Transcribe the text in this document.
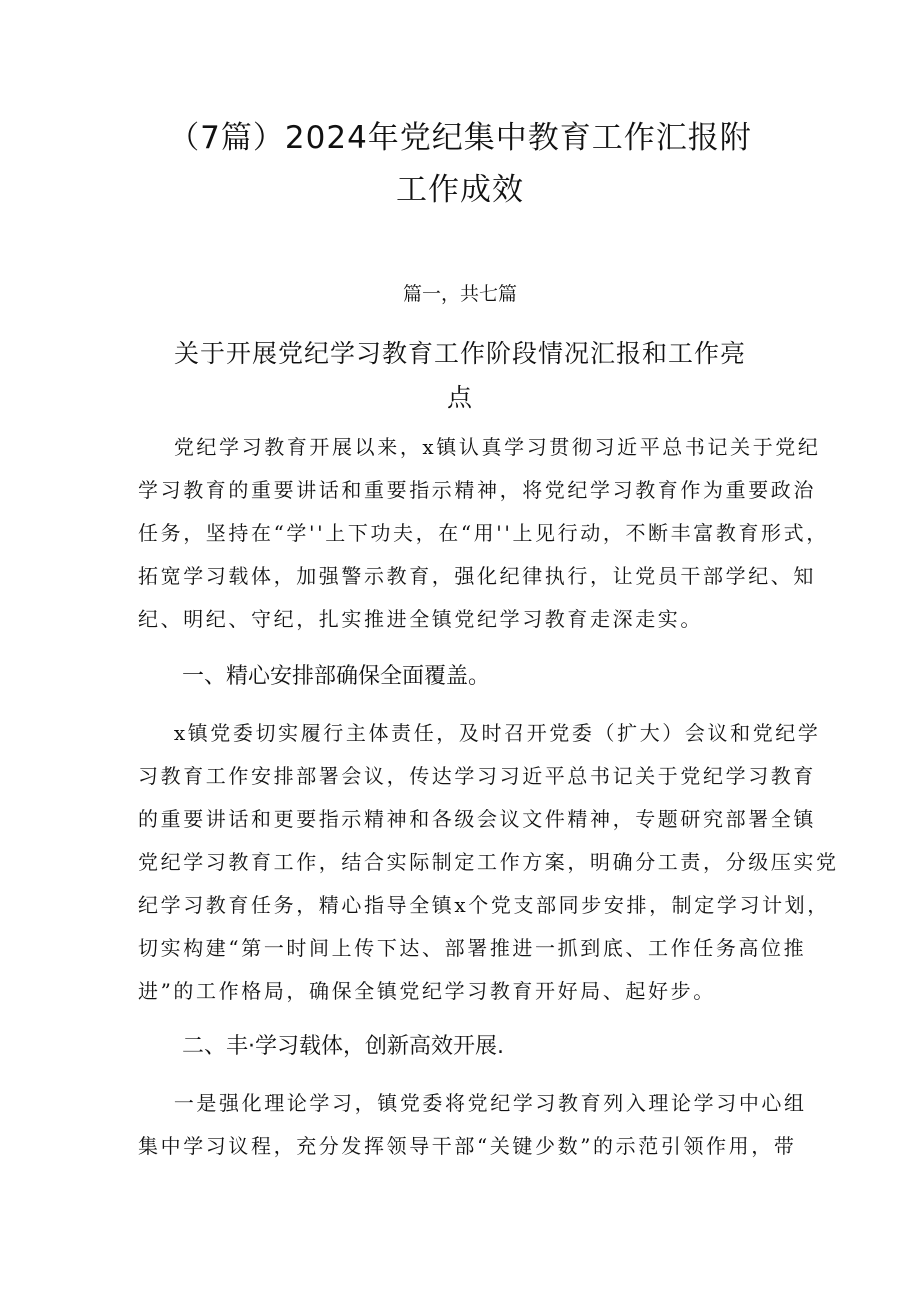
（7篇）2024年党纪集中教育工作汇报附
工作成效
篇一，共七篇
关于开展党纪学习教育工作阶段情况汇报和工作亮
点
党纪学习教育开展以来，x镇认真学习贯彻习近平总书记关于党纪
学习教育的重要讲话和重要指示精神，将党纪学习教育作为重要政治
任务，坚持在“学''上下功夫，在“用''上见行动，不断丰富教育形式，
拓宽学习载体，加强警示教育，强化纪律执行，让党员干部学纪、知
纪、明纪、守纪，扎实推进全镇党纪学习教育走深走实。
一、精心安排部确保全面覆盖。
x镇党委切实履行主体责任，及时召开党委（扩大）会议和党纪学
习教育工作安排部署会议，传达学习习近平总书记关于党纪学习教育
的重要讲话和更要指示精神和各级会议文件精神，专题研究部署全镇
党纪学习教育工作，结合实际制定工作方案，明确分工责，分级压实党
纪学习教育任务，精心指导全镇x个党支部同步安排，制定学习计划，
切实构建“第一时间上传下达、部署推进一抓到底、工作任务高位推
进”的工作格局，确保全镇党纪学习教育开好局、起好步。
二、丰·学习载体，创新高效开展.
一是强化理论学习，镇党委将党纪学习教育列入理论学习中心组
集中学习议程，充分发挥领导干部“关键少数”的示范引领作用，带
